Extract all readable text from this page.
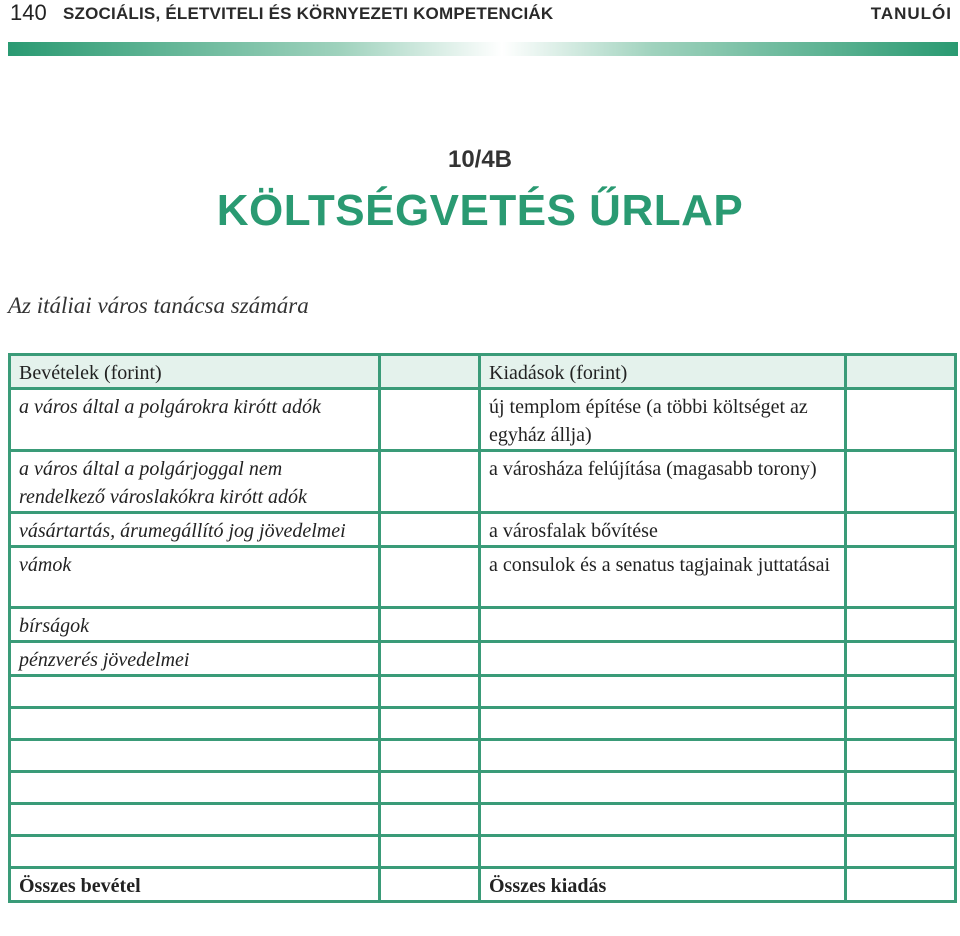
140 SZOCIÁLIS, ÉLETVITELI ÉS KÖRNYEZETI KOMPETENCIÁK	TANULÓI
10/4B
KÖLTSÉGVETÉS ŰRLAP
Az itáliai város tanácsa számára
Bevételek (forint)		Kiadások (forint)	
a város által a polgárokra kirótt adók		új templom építése (a többi költséget az egyház állja)	
a város által a polgárjoggal nem rendelkező városlakókra kirótt adók		a városháza felújítása (magasabb torony)	
vásártartás, árumegállító jog jövedelmei		a városfalak bővítése	
vámok		a consulok és a senatus tagjainak juttatásai	
bírságok			
pénzverés jövedelmei			

Összes bevétel		Összes kiadás	
